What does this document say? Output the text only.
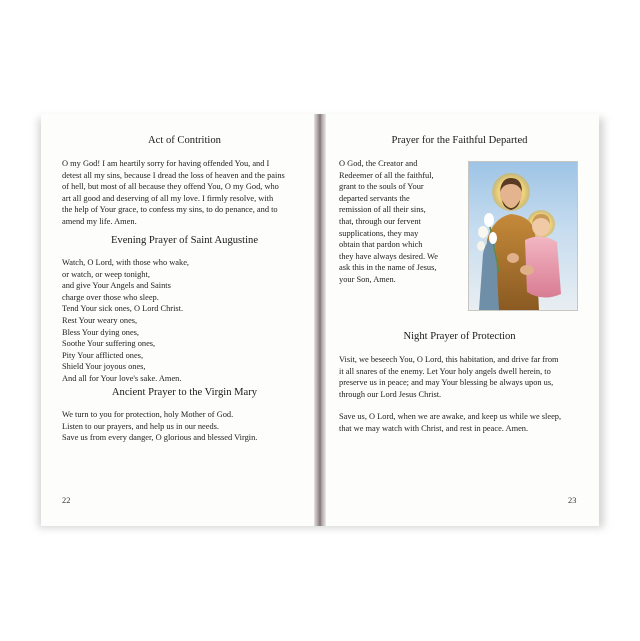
Act of Contrition
O my God! I am heartily sorry for having offended You, and I
detest all my sins, because I dread the loss of heaven and the pains
of hell, but most of all because they offend You, O my God, who
art all good and deserving of all my love. I firmly resolve, with
the help of Your grace, to confess my sins, to do penance, and to
amend my life. Amen.
Evening Prayer of Saint Augustine
Watch, O Lord, with those who wake,
or watch, or weep tonight,
and give Your Angels and Saints
charge over those who sleep.
Tend Your sick ones, O Lord Christ.
Rest Your weary ones,
Bless Your dying ones,
Soothe Your suffering ones,
Pity Your afflicted ones,
Shield Your joyous ones,
And all for Your love's sake. Amen.
Ancient Prayer to the Virgin Mary
We turn to you for protection, holy Mother of God.
Listen to our prayers, and help us in our needs.
Save us from every danger, O glorious and blessed Virgin.
22
Prayer for the Faithful Departed
O God, the Creator and
Redeemer of all the faithful,
grant to the souls of Your
departed servants the
remission of all their sins,
that, through our fervent
supplications, they may
obtain that pardon which
they have always desired. We
ask this in the name of Jesus,
your Son, Amen.
Night Prayer of Protection
Visit, we beseech You, O Lord, this habitation, and drive far from
it all snares of the enemy. Let Your holy angels dwell herein, to
preserve us in peace; and may Your blessing be always upon us,
through our Lord Jesus Christ.
Save us, O Lord, when we are awake, and keep us while we sleep,
that we may watch with Christ, and rest in peace. Amen.
23
